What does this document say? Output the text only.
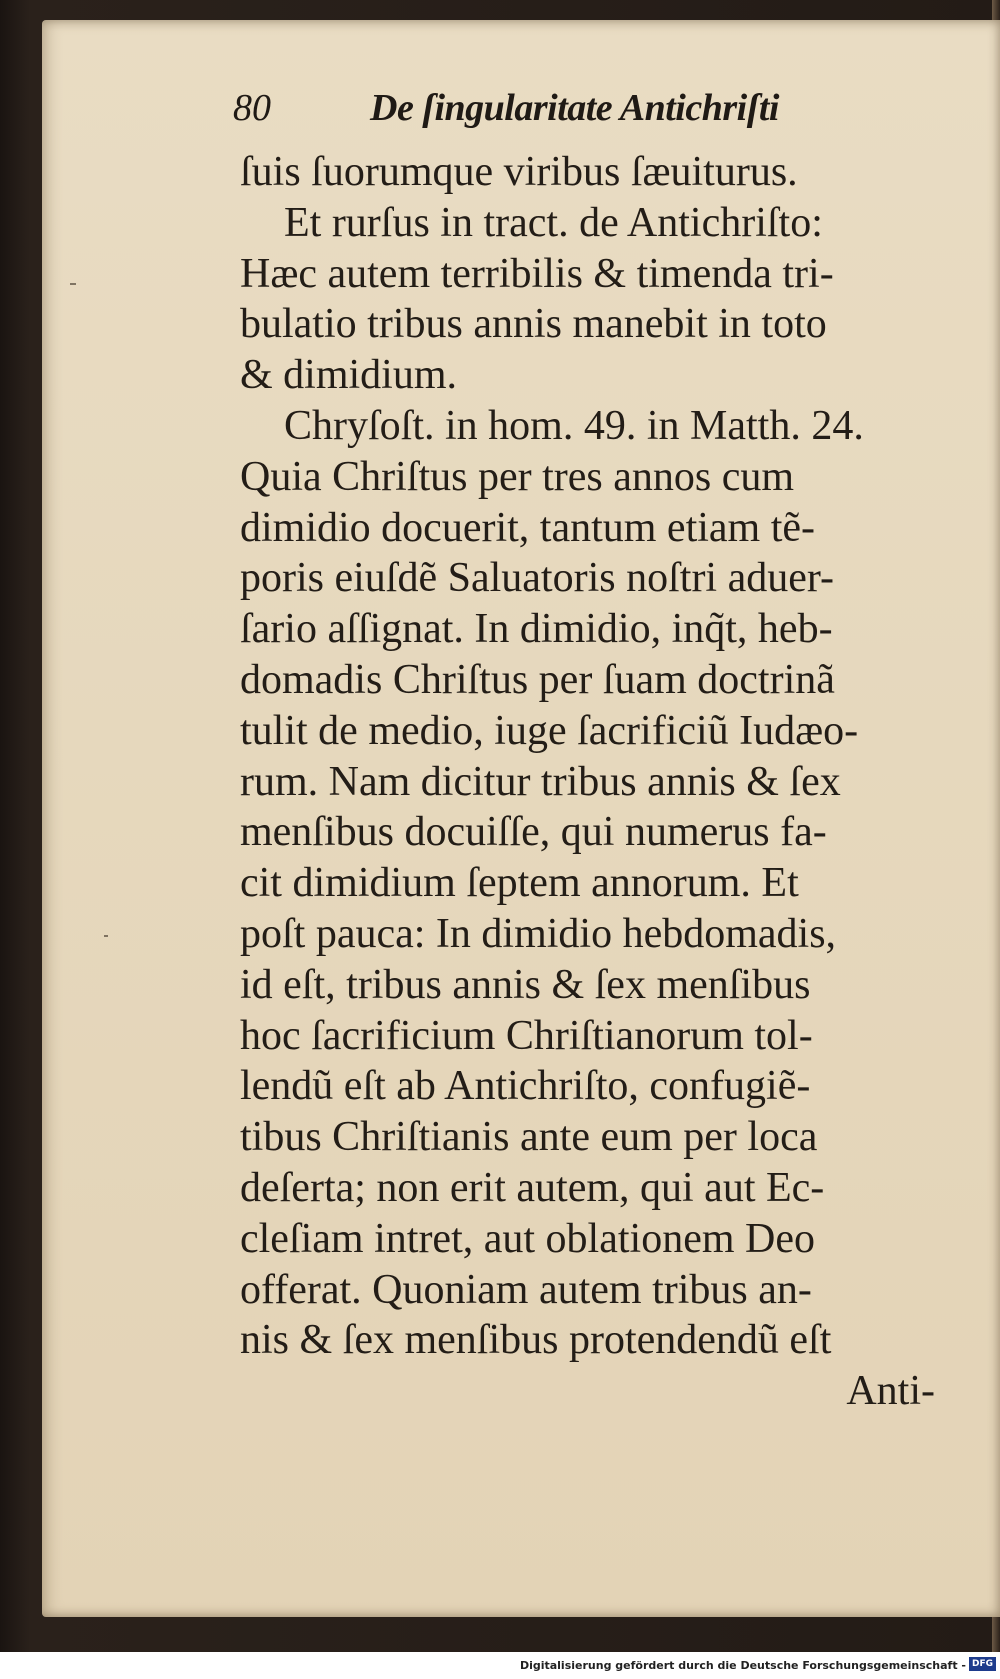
80	De ſingularitate Antichriſti
ſuis ſuorumque viribus ſæuiturus.
Et rurſus in tract. de Antichriſto:
Hæc autem terribilis & timenda tri-
bulatio tribus annis manebit in toto
& dimidium.
Chryſoſt. in hom. 49. in Matth. 24.
Quia Chriſtus per tres annos cum
dimidio docuerit, tantum etiam tẽ-
poris eiuſdẽ Saluatoris noſtri aduer-
ſario aſſignat. In dimidio, inq̃t, heb-
domadis Chriſtus per ſuam doctrinã
tulit de medio, iuge ſacrificiũ Iudæo-
rum. Nam dicitur tribus annis & ſex
menſibus docuiſſe, qui numerus fa-
cit dimidium ſeptem annorum. Et
poſt pauca: In dimidio hebdomadis,
id eſt, tribus annis & ſex menſibus
hoc ſacrificium Chriſtianorum tol-
lendũ eſt ab Antichriſto, confugiẽ-
tibus Chriſtianis ante eum per loca
deſerta; non erit autem, qui aut Ec-
cleſiam intret, aut oblationem Deo
offerat. Quoniam autem tribus an-
nis & ſex menſibus protendendũ eſt
Anti-
Digitalisierung gefördert durch die Deutsche Forschungsgemeinschaft - DFG
